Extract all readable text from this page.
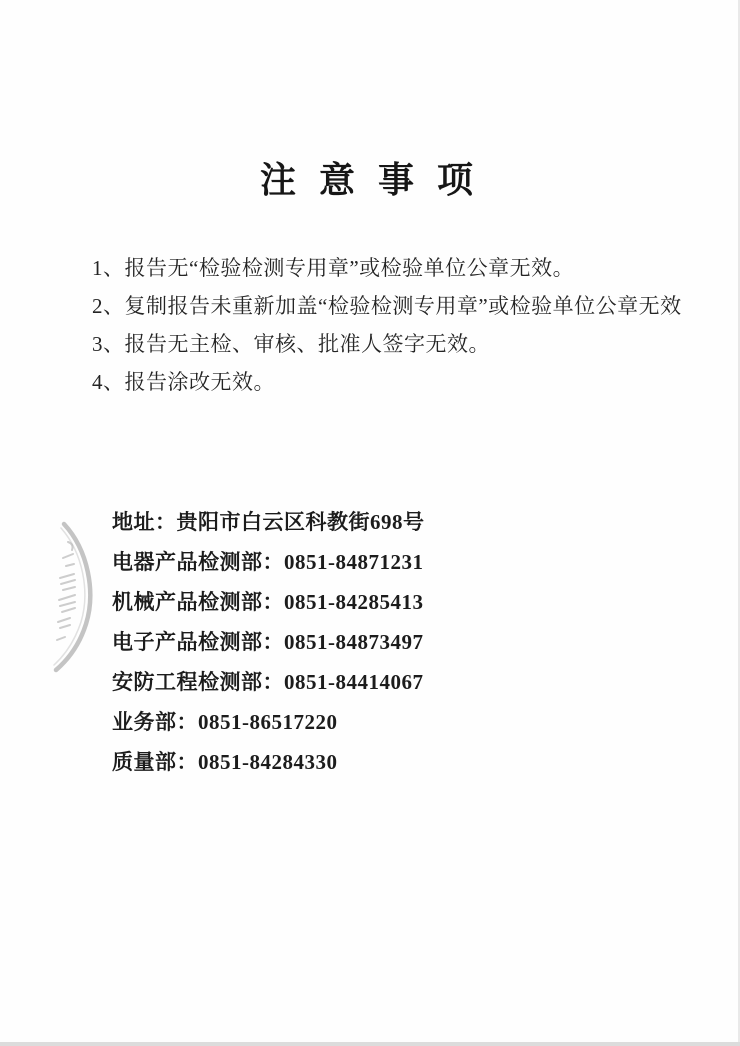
注 意 事 项
1、报告无“检验检测专用章”或检验单位公章无效。
2、复制报告未重新加盖“检验检测专用章”或检验单位公章无效
3、报告无主检、审核、批准人签字无效。
4、报告涂改无效。
地址：贵阳市白云区科教街698号
电器产品检测部：0851-84871231
机械产品检测部：0851-84285413
电子产品检测部：0851-84873497
安防工程检测部：0851-84414067
业务部：0851-86517220
质量部：0851-84284330
